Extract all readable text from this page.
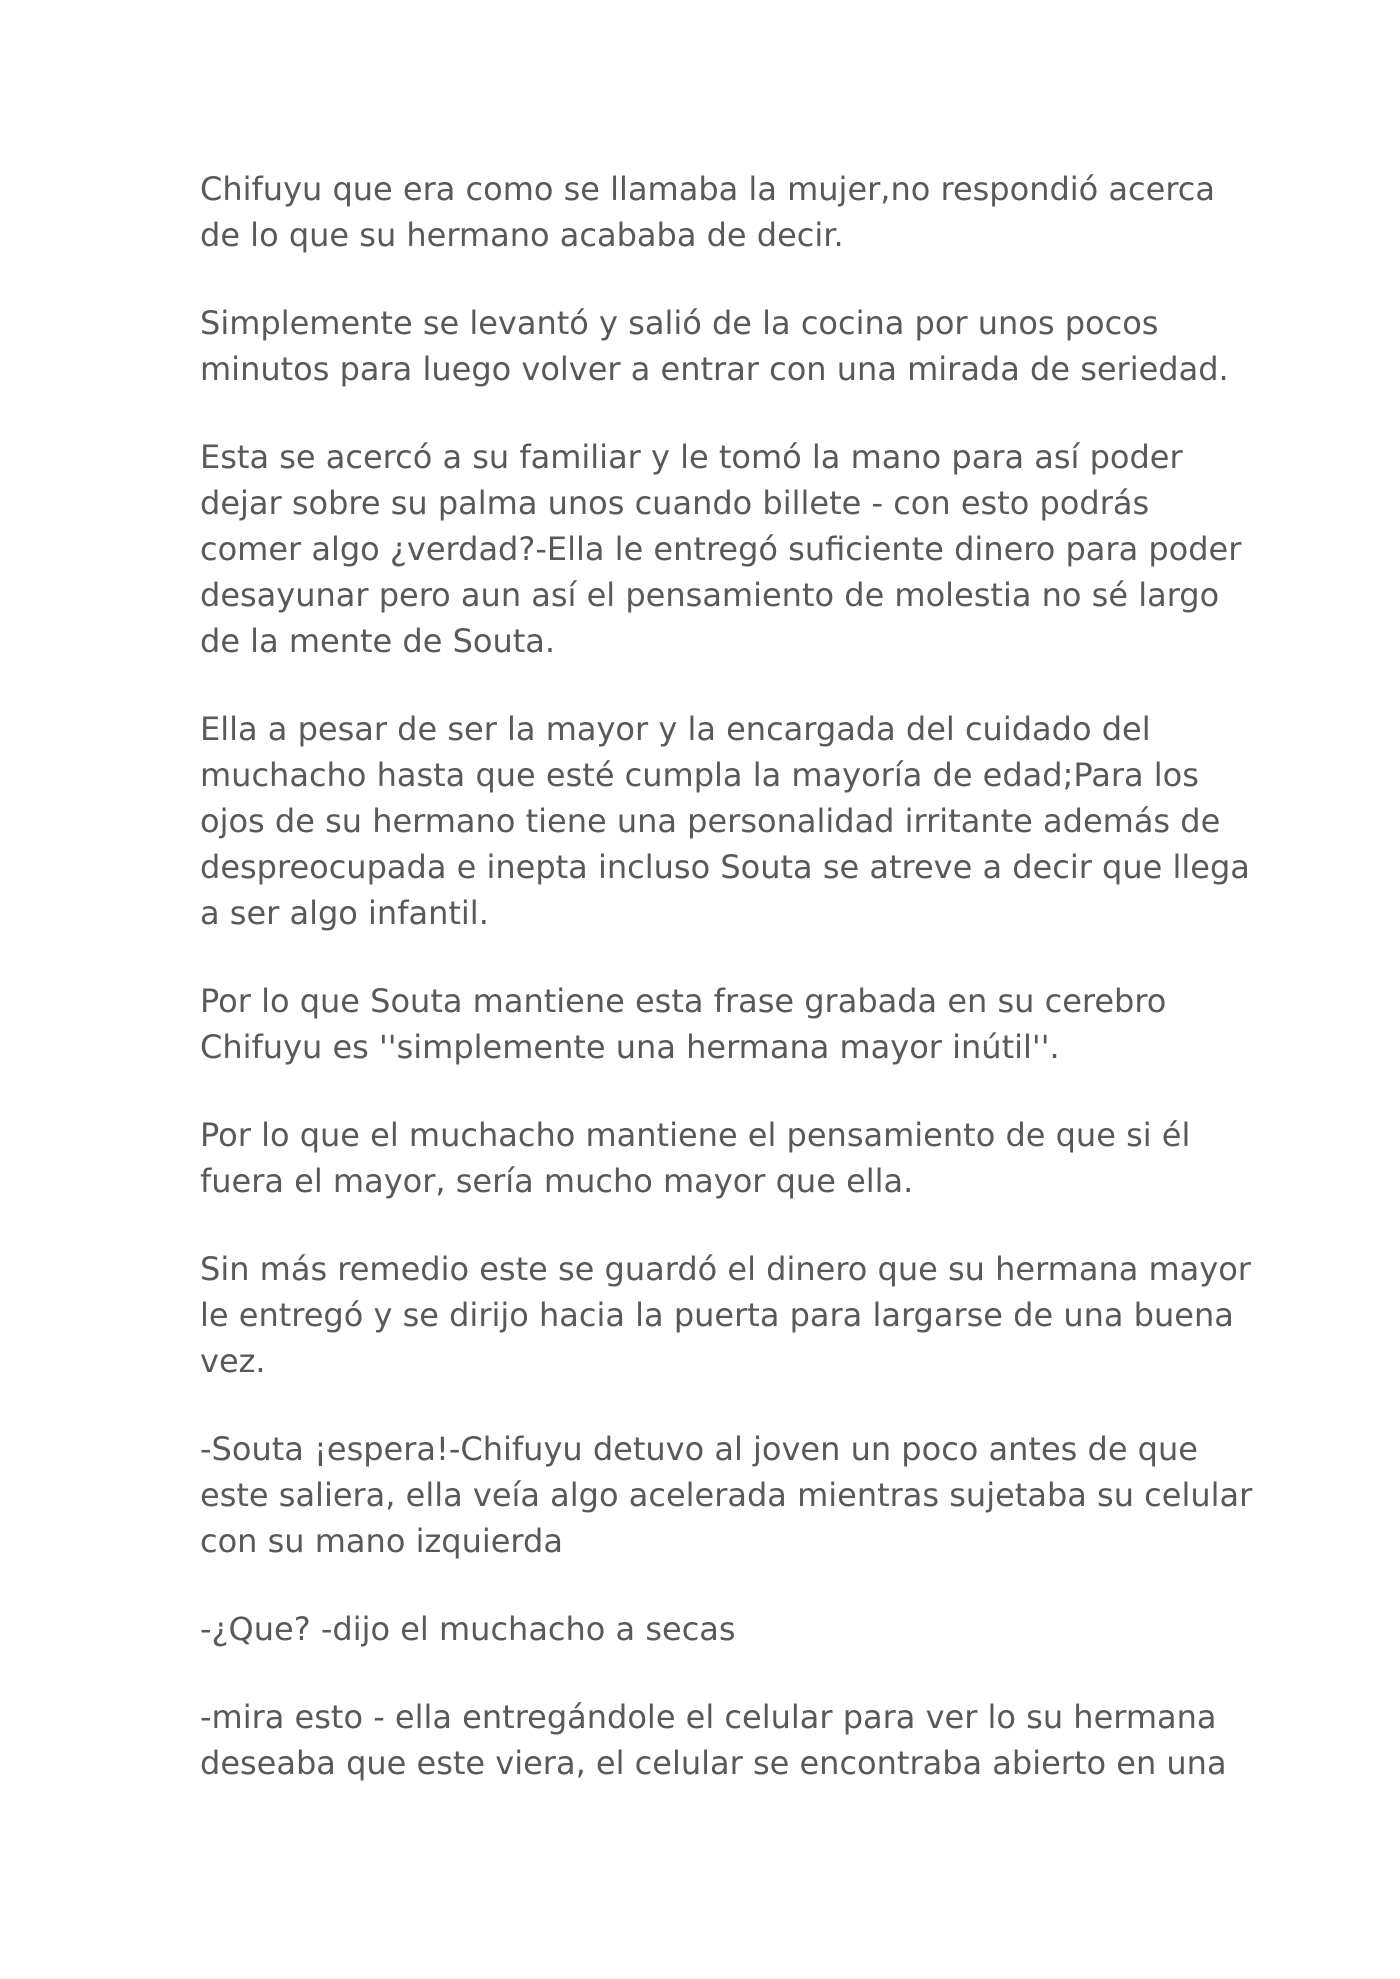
Chifuyu que era como se llamaba la mujer,no respondió acerca
de lo que su hermano acababa de decir.

Simplemente se levantó y salió de la cocina por unos pocos
minutos para luego volver a entrar con una mirada de seriedad.

Esta se acercó a su familiar y le tomó la mano para así poder
dejar sobre su palma unos cuando billete - con esto podrás
comer algo ¿verdad?-Ella le entregó suficiente dinero para poder
desayunar pero aun así el pensamiento de molestia no sé largo
de la mente de Souta.

Ella a pesar de ser la mayor y la encargada del cuidado del
muchacho hasta que esté cumpla la mayoría de edad;Para los
ojos de su hermano tiene una personalidad irritante además de
despreocupada e inepta incluso Souta se atreve a decir que llega
a ser algo infantil.

Por lo que Souta mantiene esta frase grabada en su cerebro
Chifuyu es ''simplemente una hermana mayor inútil''.

Por lo que el muchacho mantiene el pensamiento de que si él
fuera el mayor, sería mucho mayor que ella.

Sin más remedio este se guardó el dinero que su hermana mayor
le entregó y se dirijo hacia la puerta para largarse de una buena
vez.

-Souta ¡espera!-Chifuyu detuvo al joven un poco antes de que
este saliera, ella veía algo acelerada mientras sujetaba su celular
con su mano izquierda

-¿Que? -dijo el muchacho a secas

-mira esto - ella entregándole el celular para ver lo su hermana
deseaba que este viera, el celular se encontraba abierto en una
